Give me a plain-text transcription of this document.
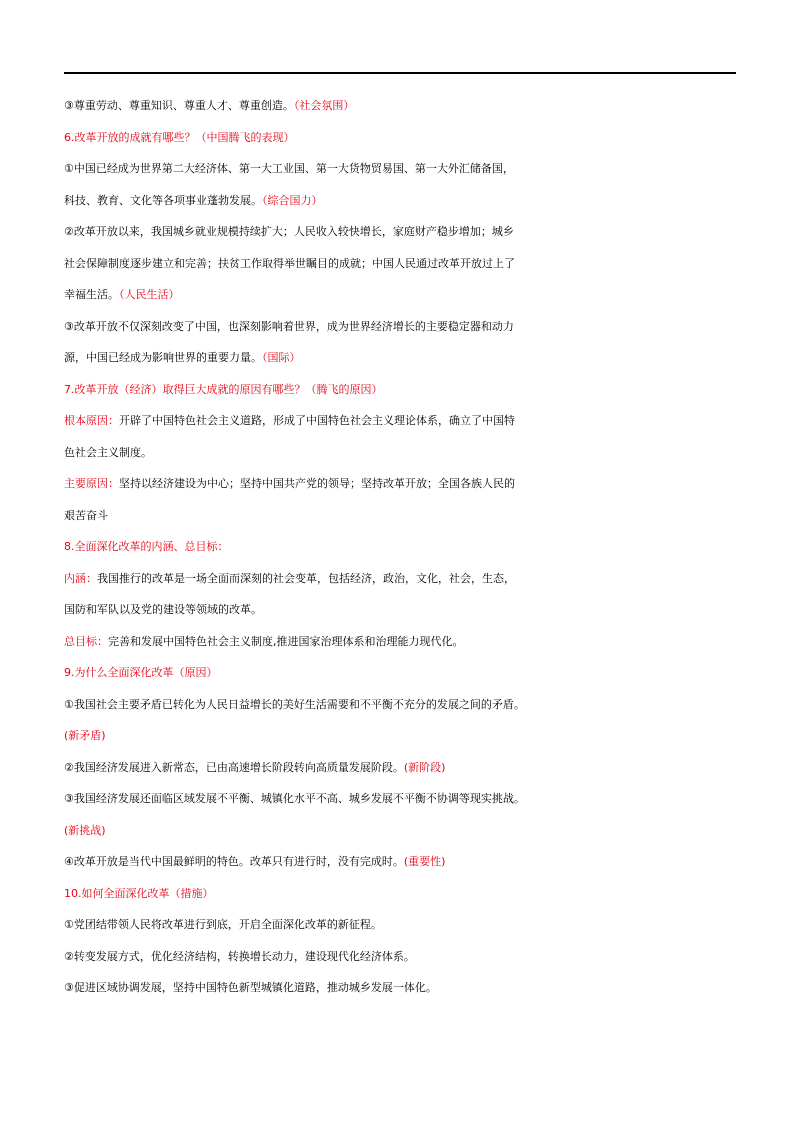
③尊重劳动、尊重知识、尊重人才、尊重创造。（社会氛围）
6.改革开放的成就有哪些？（中国腾飞的表现）
①中国已经成为世界第二大经济体、第一大工业国、第一大货物贸易国、第一大外汇储备国，
科技、教育、文化等各项事业蓬勃发展。（综合国力）
②改革开放以来，我国城乡就业规模持续扩大；人民收入较快增长，家庭财产稳步增加；城乡
社会保障制度逐步建立和完善；扶贫工作取得举世瞩目的成就；中国人民通过改革开放过上了
幸福生活。（人民生活）
③改革开放不仅深刻改变了中国，也深刻影响着世界，成为世界经济增长的主要稳定器和动力
源，中国已经成为影响世界的重要力量。（国际）
7.改革开放（经济）取得巨大成就的原因有哪些？（腾飞的原因）
根本原因：开辟了中国特色社会主义道路，形成了中国特色社会主义理论体系，确立了中国特
色社会主义制度。
主要原因：坚持以经济建设为中心；坚持中国共产党的领导；坚持改革开放；全国各族人民的
艰苦奋斗
8.全面深化改革的内涵、总目标：
内涵：我国推行的改革是一场全面而深刻的社会变革，包括经济，政治，文化，社会，生态，
国防和军队以及党的建设等领域的改革。
总目标：完善和发展中国特色社会主义制度,推进国家治理体系和治理能力现代化。
9.为什么全面深化改革（原因）
①我国社会主要矛盾已转化为人民日益增长的美好生活需要和不平衡不充分的发展之间的矛盾。
(新矛盾)
②我国经济发展进入新常态，已由高速增长阶段转向高质量发展阶段。(新阶段)
③我国经济发展还面临区域发展不平衡、城镇化水平不高、城乡发展不平衡不协调等现实挑战。
(新挑战)
④改革开放是当代中国最鲜明的特色。改革只有进行时，没有完成时。(重要性)
10.如何全面深化改革（措施）
①党团结带领人民将改革进行到底，开启全面深化改革的新征程。
②转变发展方式，优化经济结构，转换增长动力，建设现代化经济体系。
③促进区域协调发展，坚持中国特色新型城镇化道路，推动城乡发展一体化。
